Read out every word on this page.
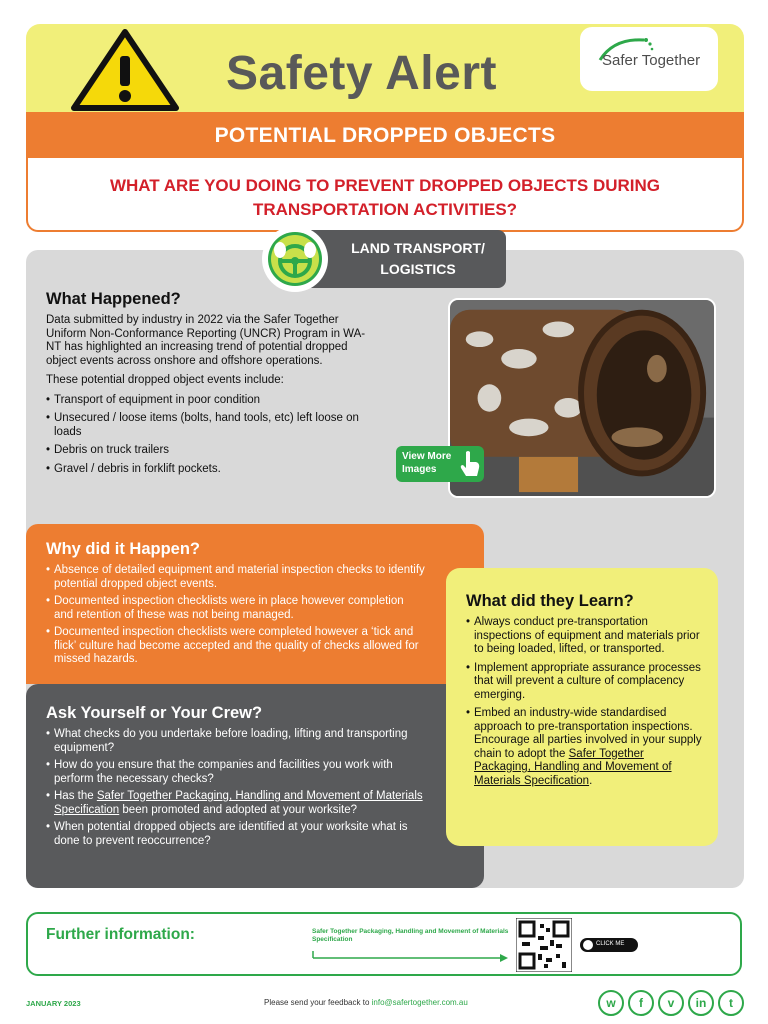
Safety Alert	Safer Together
POTENTIAL DROPPED OBJECTS
WHAT ARE YOU DOING TO PREVENT DROPPED OBJECTS DURING TRANSPORTATION ACTIVITIES?
LAND TRANSPORT/
LOGISTICS
What Happened?

Data submitted by industry in 2022 via the Safer Together Uniform Non-Conformance Reporting (UNCR) Program in WA-NT has highlighted an increasing trend of potential dropped object events across onshore and offshore operations.

These potential dropped object events include:

• Transport of equipment in poor condition
• Unsecured / loose items (bolts, hand tools, etc) left loose on loads
• Debris on truck trailers
• Gravel / debris in forklift pockets.
View More Images
Why did it Happen?
• Absence of detailed equipment and material inspection checks to identify potential dropped object events.
• Documented inspection checklists were in place however completion and retention of these was not being managed.
• Documented inspection checklists were completed however a ‘tick and flick’ culture had become accepted and the quality of checks allowed for missed hazards.
Ask Yourself or Your Crew?
• What checks do you undertake before loading, lifting and transporting equipment?
• How do you ensure that the companies and facilities you work with perform the necessary checks?
• Has the Safer Together Packaging, Handling and Movement of Materials Specification been promoted and adopted at your worksite?
• When potential dropped objects are identified at your worksite what is done to prevent reoccurrence?
What did they Learn?
• Always conduct pre-transportation inspections of equipment and materials prior to being loaded, lifted, or transported.
• Implement appropriate assurance processes that will prevent a culture of complacency emerging.
• Embed an industry-wide standardised approach to pre-transportation inspections. Encourage all parties involved in your supply chain to adopt the Safer Together Packaging, Handling and Movement of Materials Specification.
Further information:	Safer Together Packaging, Handling and Movement of Materials Specification
CLICK ME
JANUARY 2023	Please send your feedback to info@safertogether.com.au	w	f	v	in	t
